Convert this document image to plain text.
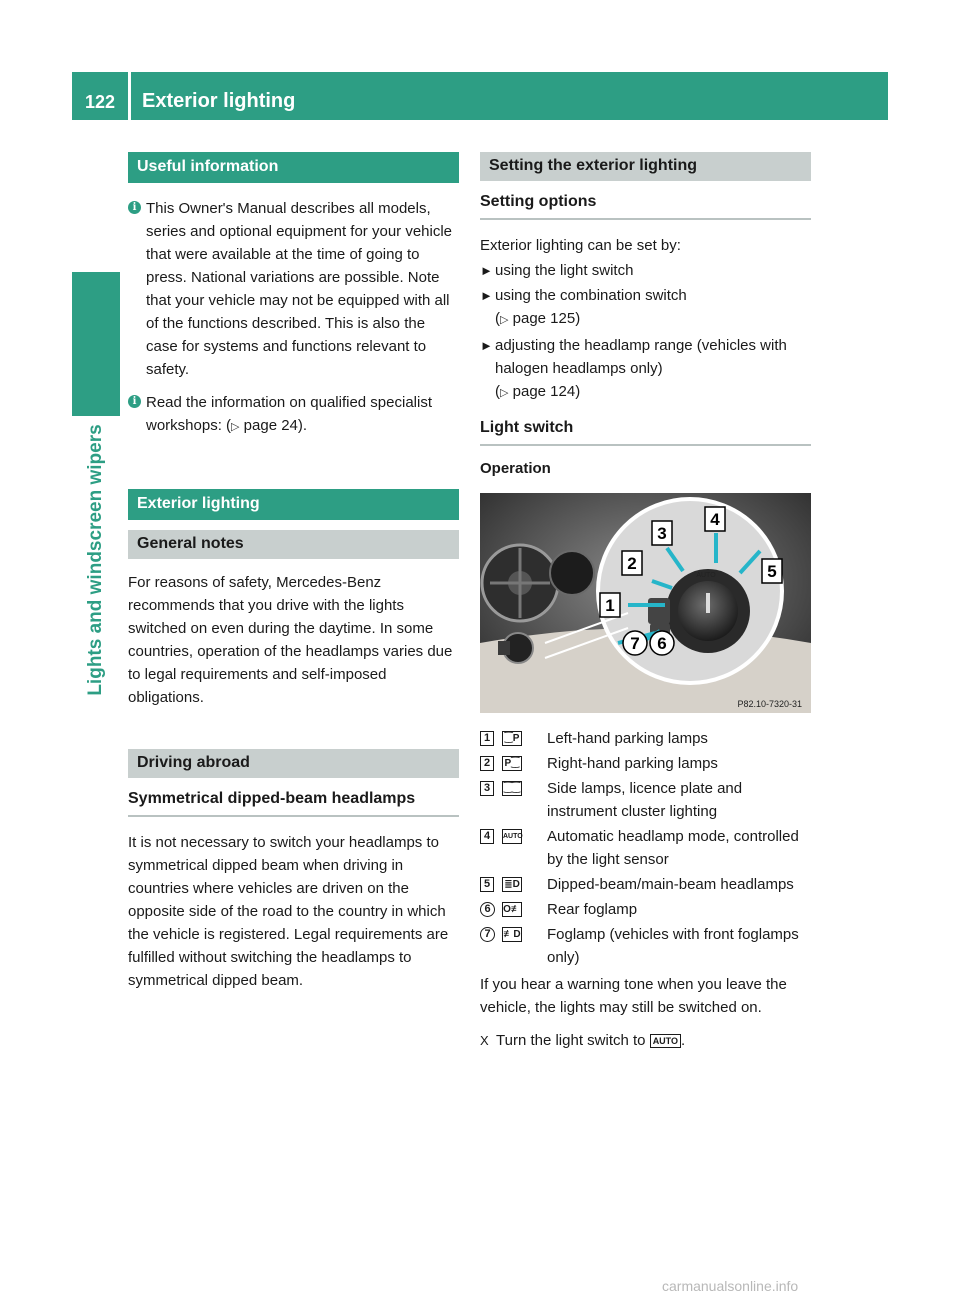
122	Exterior lighting
Lights and windscreen wipers
Useful information

i This Owner's Manual describes all models, series and optional equipment for your vehicle that were available at the time of going to press. National variations are possible. Note that your vehicle may not be equipped with all of the functions described. This is also the case for systems and functions relevant to safety.

i Read the information on qualified specialist workshops: (▷ page 24).

Exterior lighting
General notes

For reasons of safety, Mercedes-Benz recommends that you drive with the lights switched on even during the daytime. In some countries, operation of the headlamps varies due to legal requirements and self-imposed obligations.

Driving abroad
Symmetrical dipped-beam headlamps

It is not necessary to switch your headlamps to symmetrical dipped beam when driving in countries where vehicles are driven on the opposite side of the road to the country in which the vehicle is registered. Legal requirements are fulfilled without switching the headlamps to symmetrical dipped beam.

Setting the exterior lighting
Setting options

Exterior lighting can be set by:

► using the light switch
► using the combination switch
(▷ page 125)
► adjusting the headlamp range (vehicles with halogen headlamps only)
(▷ page 124)
Light switch
Operation
AUTO
1
2
3
4
5
6
7
P82.10-7320-31
1	⁐P Left-hand parking lamps
2	P⁐ Right-hand parking lamps
3	⁐⁐ Side lamps, licence plate and instrument cluster lighting
4	AUTO Automatic headlamp mode, controlled by the light sensor
5	≣D Dipped-beam/main-beam headlamps
6	O≢ Rear foglamp
7	≢D Foglamp (vehicles with front foglamps only)

If you hear a warning tone when you leave the vehicle, the lights may still be switched on.

X Turn the light switch to AUTO .
carmanualsonline.info
